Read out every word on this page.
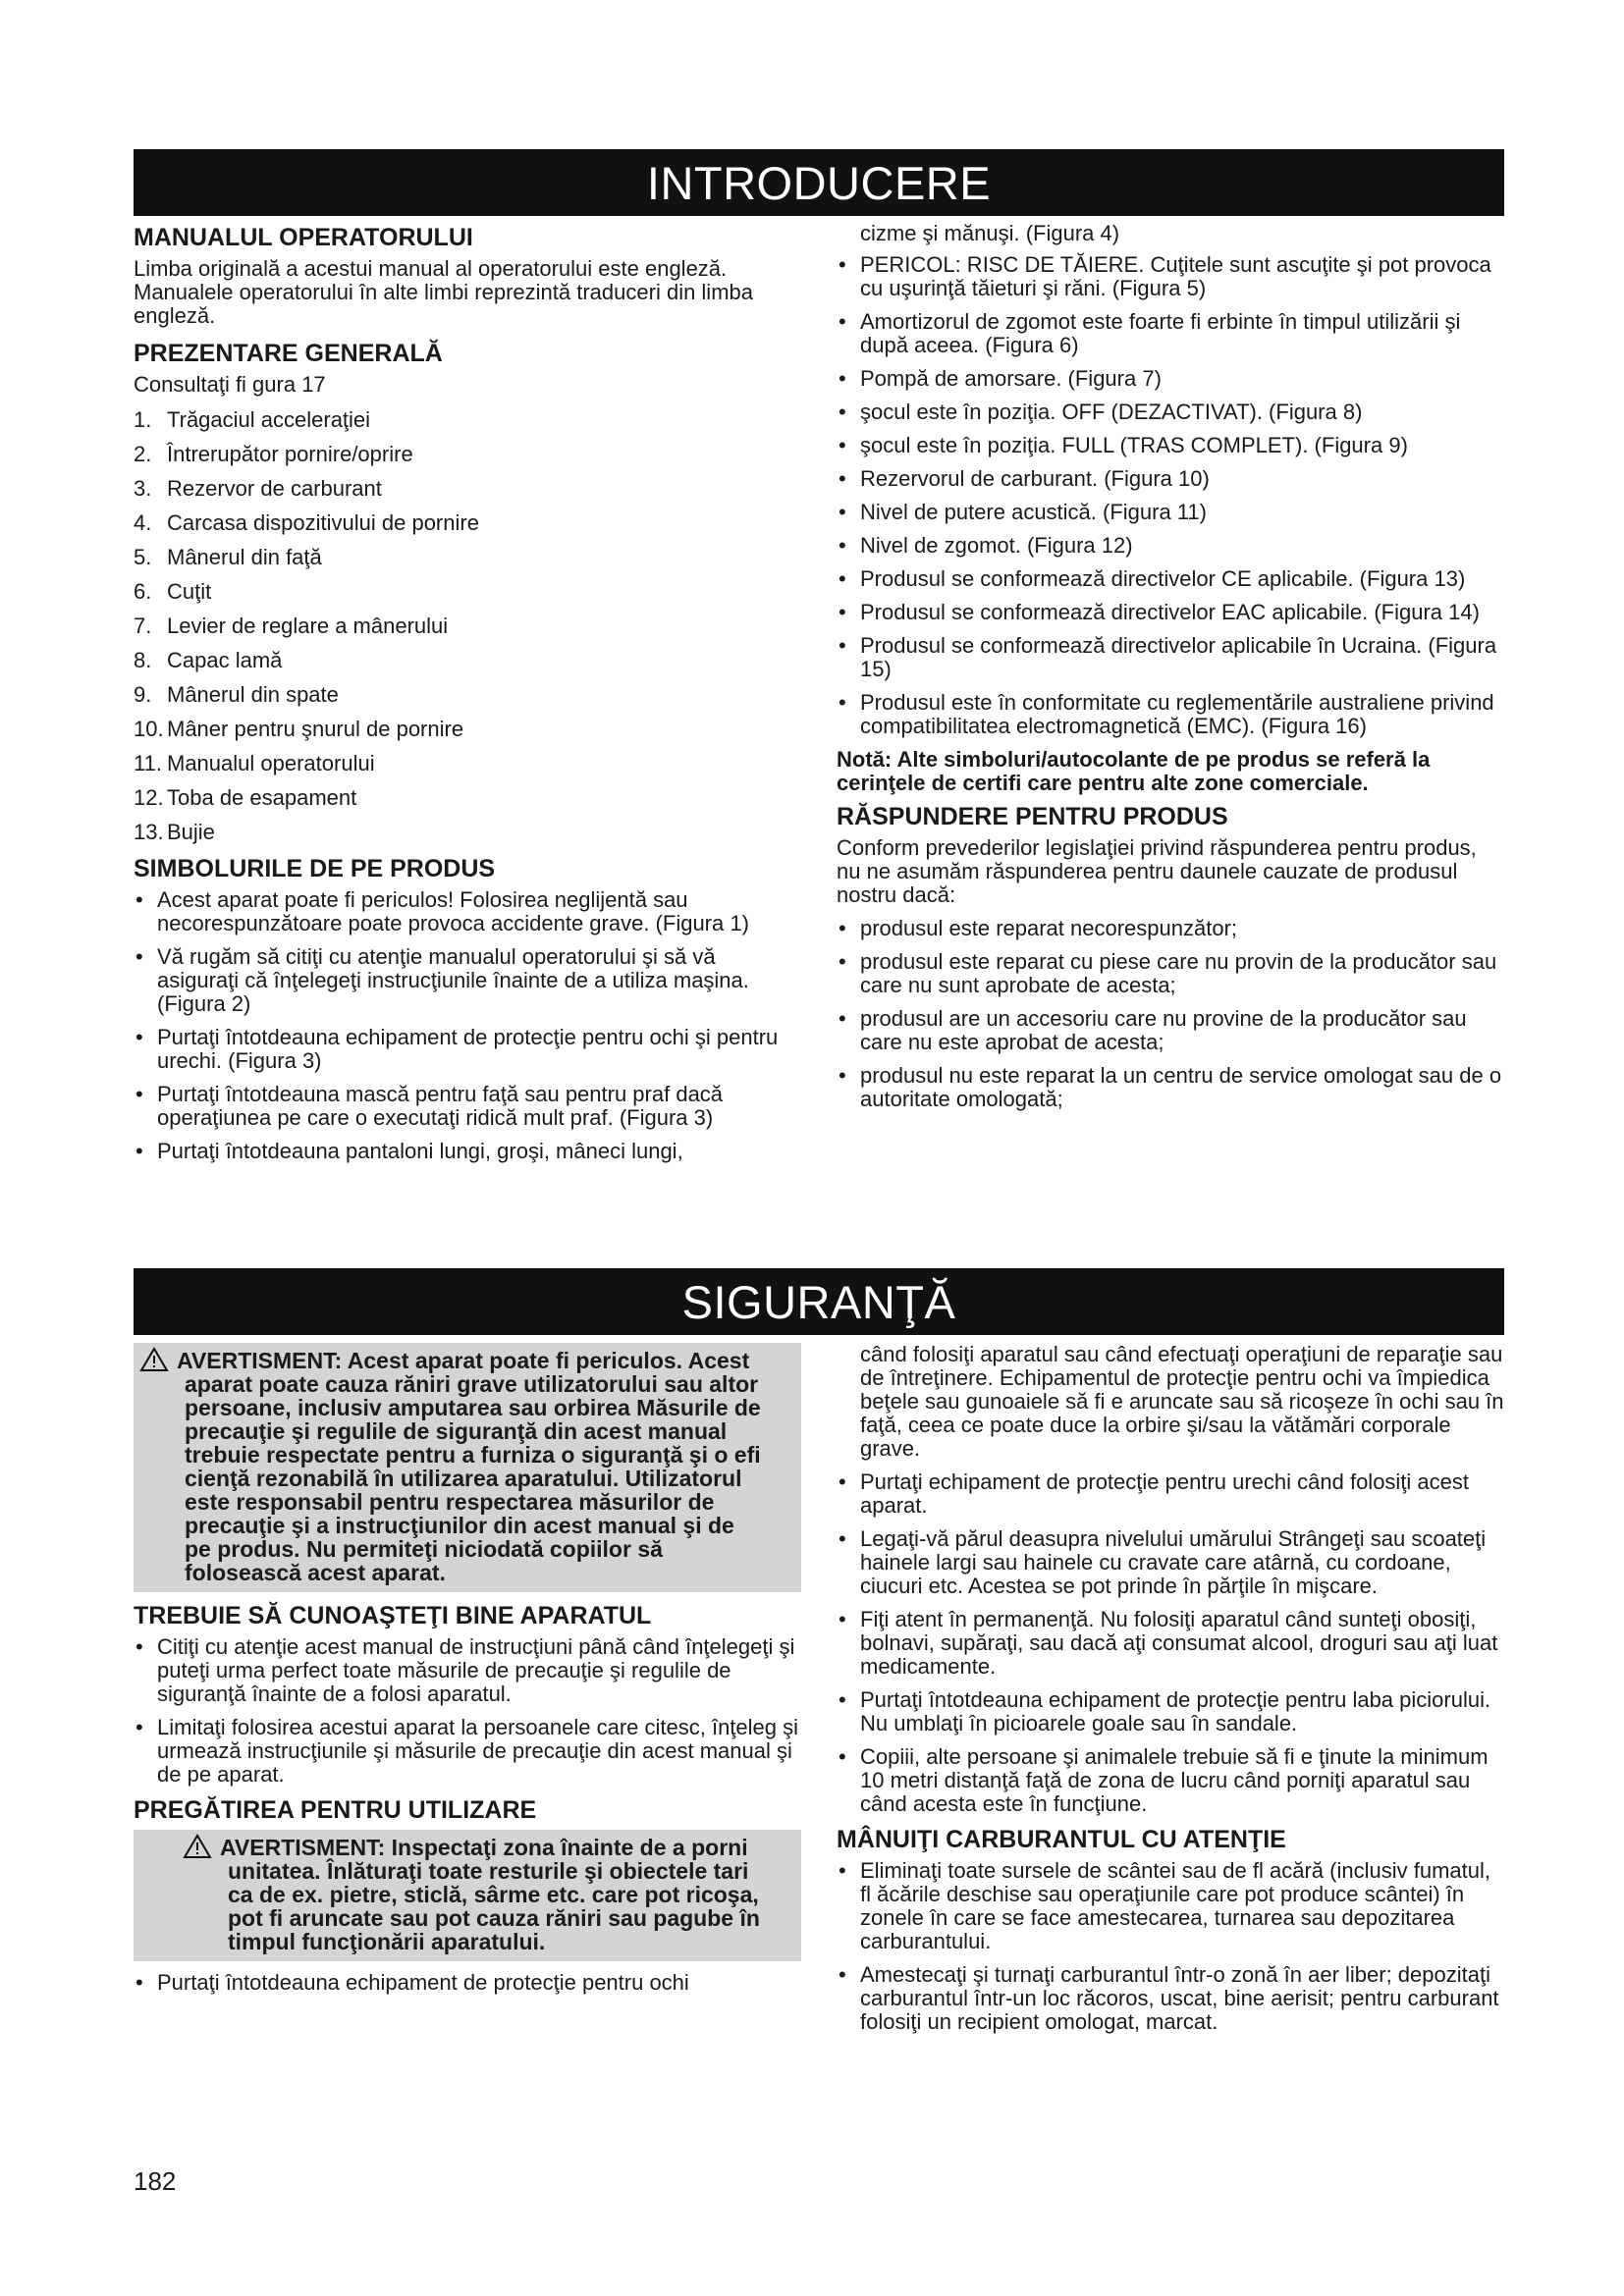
INTRODUCERE
MANUALUL OPERATORULUI
Limba originală a acestui manual al operatorului este engleză. Manualele operatorului în alte limbi reprezintă traduceri din limba engleză.
PREZENTARE GENERALĂ
Consultaţi fi gura 17
1. Trăgaciul acceleraţiei
2. Întrerupător pornire/oprire
3. Rezervor de carburant
4. Carcasa dispozitivului de pornire
5. Mânerul din faţă
6. Cuţit
7. Levier de reglare a mânerului
8. Capac lamă
9. Mânerul din spate
10. Mâner pentru şnurul de pornire
11. Manualul operatorului
12. Toba de esapament
13. Bujie
SIMBOLURILE DE PE PRODUS
• Acest aparat poate fi periculos! Folosirea neglijentă sau necorespunzătoare poate provoca accidente grave. (Figura 1)
• Vă rugăm să citiţi cu atenţie manualul operatorului şi să vă asiguraţi că înţelegeţi instrucţiunile înainte de a utiliza maşina. (Figura 2)
• Purtaţi întotdeauna echipament de protecţie pentru ochi şi pentru urechi. (Figura 3)
• Purtaţi întotdeauna mască pentru faţă sau pentru praf dacă operaţiunea pe care o executaţi ridică mult praf. (Figura 3)
• Purtaţi întotdeauna pantaloni lungi, groşi, mâneci lungi,
cizme şi mănuşi. (Figura 4)
• PERICOL: RISC DE TĂIERE. Cuţitele sunt ascuţite şi pot provoca cu uşurinţă tăieturi şi răni. (Figura 5)
• Amortizorul de zgomot este foarte fi erbinte în timpul utilizării şi după aceea. (Figura 6)
• Pompă de amorsare. (Figura 7)
• şocul este în poziţia. OFF (DEZACTIVAT). (Figura 8)
• şocul este în poziţia. FULL (TRAS COMPLET). (Figura 9)
• Rezervorul de carburant. (Figura 10)
• Nivel de putere acustică. (Figura 11)
• Nivel de zgomot. (Figura 12)
• Produsul se conformează directivelor CE aplicabile. (Figura 13)
• Produsul se conformează directivelor EAC aplicabile. (Figura 14)
• Produsul se conformează directivelor aplicabile în Ucraina. (Figura 15)
• Produsul este în conformitate cu reglementările australiene privind compatibilitatea electromagnetică (EMC). (Figura 16)
Notă: Alte simboluri/autocolante de pe produs se referă la cerinţele de certifi care pentru alte zone comerciale.
RĂSPUNDERE PENTRU PRODUS
Conform prevederilor legislaţiei privind răspunderea pentru produs, nu ne asumăm răspunderea pentru daunele cauzate de produsul nostru dacă:
• produsul este reparat necorespunzător;
• produsul este reparat cu piese care nu provin de la producător sau care nu sunt aprobate de acesta;
• produsul are un accesoriu care nu provine de la producător sau care nu este aprobat de acesta;
• produsul nu este reparat la un centru de service omologat sau de o autoritate omologată;
SIGURANŢĂ
AVERTISMENT: Acest aparat poate fi periculos. Acest aparat poate cauza răniri grave utilizatorului sau altor persoane, inclusiv amputarea sau orbirea Măsurile de precauţie şi regulile de siguranţă din acest manual trebuie respectate pentru a furniza o siguranţă şi o efi cienţă rezonabilă în utilizarea aparatului. Utilizatorul este responsabil pentru respectarea măsurilor de precauţie şi a instrucţiunilor din acest manual şi de pe produs. Nu permiteţi niciodată copiilor să folosească acest aparat.
TREBUIE SĂ CUNOAŞTEŢI BINE APARATUL
• Citiţi cu atenţie acest manual de instrucţiuni până când înţelegeţi şi puteţi urma perfect toate măsurile de precauţie şi regulile de siguranţă înainte de a folosi aparatul.
• Limitaţi folosirea acestui aparat la persoanele care citesc, înţeleg şi urmează instrucţiunile şi măsurile de precauţie din acest manual şi de pe aparat.
PREGĂTIREA PENTRU UTILIZARE
AVERTISMENT: Inspectaţi zona înainte de a porni unitatea. Înlăturaţi toate resturile şi obiectele tari ca de ex. pietre, sticlă, sârme etc. care pot ricoşa, pot fi aruncate sau pot cauza răniri sau pagube în timpul funcţionării aparatului.
• Purtaţi întotdeauna echipament de protecţie pentru ochi
când folosiţi aparatul sau când efectuaţi operaţiuni de reparaţie sau de întreţinere. Echipamentul de protecţie pentru ochi va împiedica beţele sau gunoaiele să fi e aruncate sau să ricoşeze în ochi sau în faţă, ceea ce poate duce la orbire şi/sau la vătămări corporale grave.
• Purtaţi echipament de protecţie pentru urechi când folosiţi acest aparat.
• Legaţi-vă părul deasupra nivelului umărului Strângeţi sau scoateţi hainele largi sau hainele cu cravate care atârnă, cu cordoane, ciucuri etc. Acestea se pot prinde în părţile în mişcare.
• Fiţi atent în permanenţă. Nu folosiţi aparatul când sunteţi obosiţi, bolnavi, supăraţi, sau dacă aţi consumat alcool, droguri sau aţi luat medicamente.
• Purtaţi întotdeauna echipament de protecţie pentru laba piciorului. Nu umblaţi în picioarele goale sau în sandale.
• Copiii, alte persoane şi animalele trebuie să fi e ţinute la minimum 10 metri distanţă faţă de zona de lucru când porniţi aparatul sau când acesta este în funcţiune.
MÂNUIŢI CARBURANTUL CU ATENŢIE
• Eliminaţi toate sursele de scântei sau de fl acără (inclusiv fumatul, fl ăcările deschise sau operaţiunile care pot produce scântei) în zonele în care se face amestecarea, turnarea sau depozitarea carburantului.
• Amestecaţi şi turnaţi carburantul într-o zonă în aer liber; depozitaţi carburantul într-un loc răcoros, uscat, bine aerisit; pentru carburant folosiţi un recipient omologat, marcat.
182
